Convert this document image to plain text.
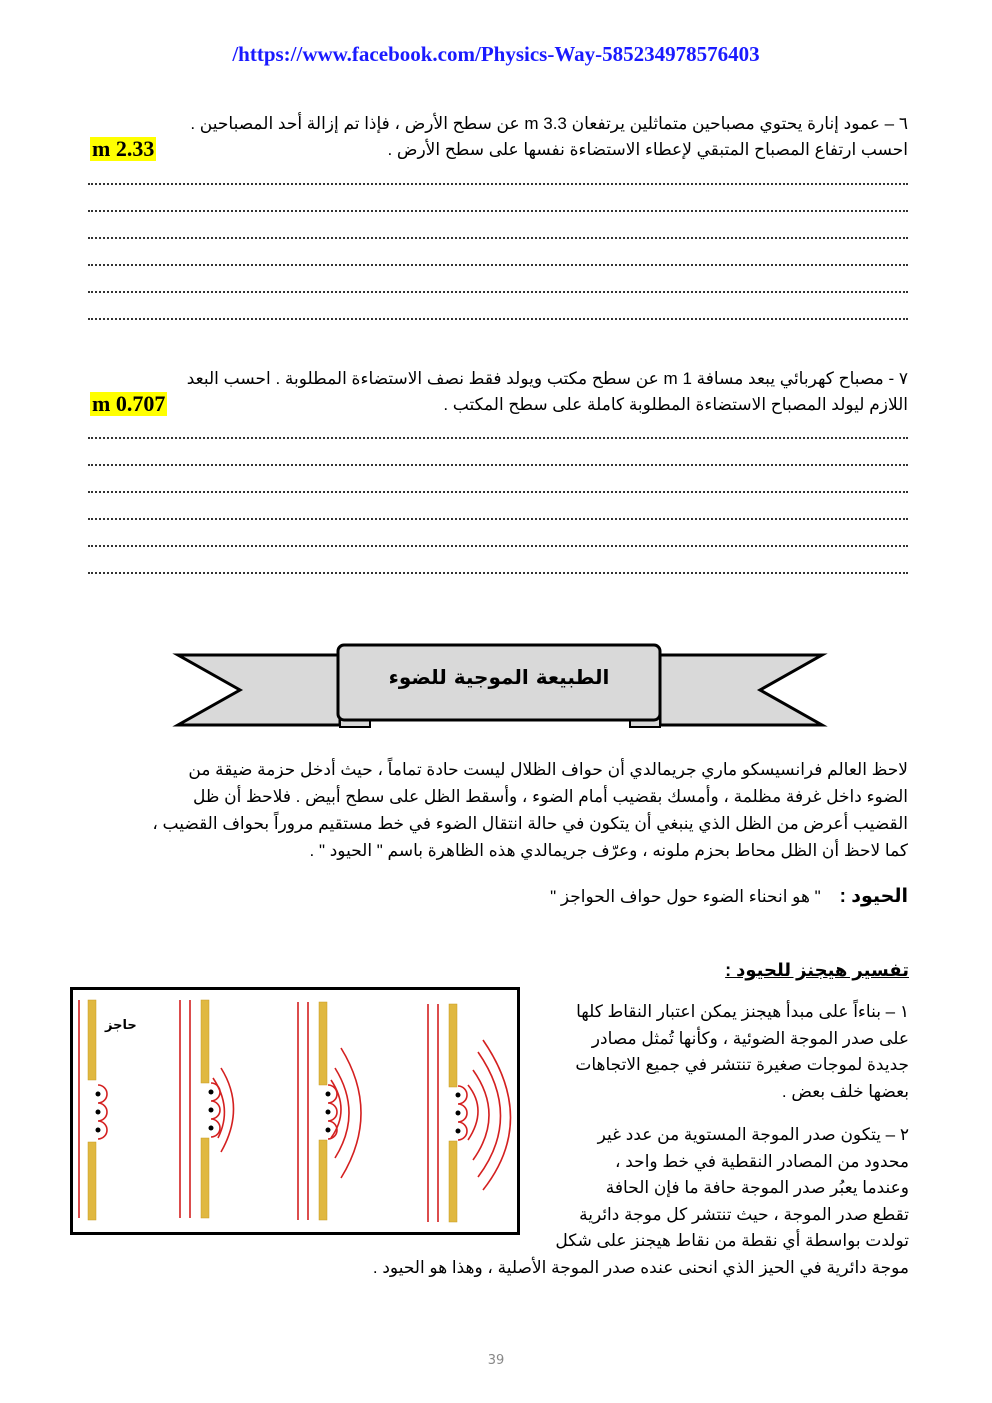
/https://www.facebook.com/Physics-Way-585234978576403
٦ – عمود إنارة يحتوي مصباحين متماثلين يرتفعان 3.3 m عن سطح الأرض ، فإذا تم إزالة أحد المصباحين .
احسب ارتفاع المصباح المتبقي لإعطاء الاستضاءة نفسها على سطح الأرض .
2.33 m
٧ - مصباح كهربائي يبعد مسافة 1 m عن سطح مكتب ويولد فقط نصف الاستضاءة المطلوبة . احسب البعد
اللازم ليولد المصباح الاستضاءة المطلوبة كاملة على سطح المكتب .
0.707 m
الطبيعة الموجية للضوء
لاحظ العالم فرانسيسكو ماري جريمالدي أن حواف الظلال ليست حادة تماماً ، حيث أدخل حزمة ضيقة من
الضوء داخل غرفة مظلمة ، وأمسك بقضيب أمام الضوء ، وأسقط الظل على سطح أبيض . فلاحظ أن ظل
القضيب أعرض من الظل الذي ينبغي أن يتكون في حالة انتقال الضوء في خط مستقيم مروراً بحواف القضيب ،
كما لاحظ أن الظل محاط بحزم ملونه ، وعرّف جريمالدي هذه الظاهرة باسم " الحيود " .
الحيود :    " هو انحناء الضوء حول حواف الحواجز "
تفسير هيجنز للحيود :
١ – بناءاً على مبدأ هيجنز يمكن اعتبار النقاط كلها
على صدر الموجة الضوئية ، وكأنها تُمثل مصادر
جديدة لموجات صغيرة تنتشر في جميع الاتجاهات
بعضها خلف بعض .
٢ – يتكون صدر الموجة المستوية من عدد غير
محدود من المصادر النقطية في خط واحد ،
وعندما يعبُر صدر الموجة حافة ما فإن الحافة
تقطع صدر الموجة ، حيث تنتشر كل موجة دائرية
تولدت بواسطة أي نقطة من نقاط هيجنز على شكل
موجة دائرية في الحيز الذي انحنى عنده صدر الموجة الأصلية ، وهذا هو الحيود .
حاجز
39
